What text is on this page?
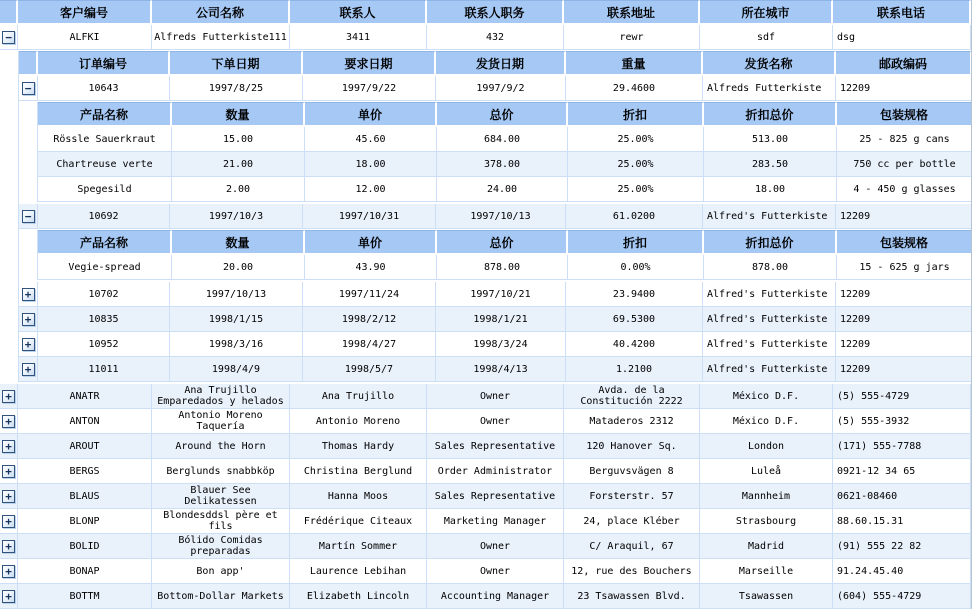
客户编号	公司名称	联系人	联系人职务	联系地址	所在城市	联系电话
−	ALFKI	Alfreds Futterkiste111	3411	432	rewr	sdf	dsg
订单编号	下单日期	要求日期	发货日期	重量	发货名称	邮政编码
−	10643	1997/8/25	1997/9/22	1997/9/2	29.4600	Alfreds Futterkiste	12209
产品名称	数量	单价	总价	折扣	折扣总价	包装规格
Rössle Sauerkraut	15.00	45.60	684.00	25.00%	513.00	25 - 825 g cans
Chartreuse verte	21.00	18.00	378.00	25.00%	283.50	750 cc per bottle
Spegesild	2.00	12.00	24.00	25.00%	18.00	4 - 450 g glasses
−	10692	1997/10/3	1997/10/31	1997/10/13	61.0200	Alfred's Futterkiste	12209
产品名称	数量	单价	总价	折扣	折扣总价	包装规格
Vegie-spread	20.00	43.90	878.00	0.00%	878.00	15 - 625 g jars
+	10702	1997/10/13	1997/11/24	1997/10/21	23.9400	Alfred's Futterkiste	12209
+	10835	1998/1/15	1998/2/12	1998/1/21	69.5300	Alfred's Futterkiste	12209
+	10952	1998/3/16	1998/4/27	1998/3/24	40.4200	Alfred's Futterkiste	12209
+	11011	1998/4/9	1998/5/7	1998/4/13	1.2100	Alfred's Futterkiste	12209
+	ANATR	Ana Trujillo Emparedados y helados	Ana Trujillo	Owner	Avda. de la Constitución 2222	México D.F.	(5) 555-4729
+	ANTON	Antonio Moreno Taquería	Antonio Moreno	Owner	Mataderos 2312	México D.F.	(5) 555-3932
+	AROUT	Around the Horn	Thomas Hardy	Sales Representative	120 Hanover Sq.	London	(171) 555-7788
+	BERGS	Berglunds snabbköp	Christina Berglund	Order Administrator	Berguvsvägen 8	Luleå	0921-12 34 65
+	BLAUS	Blauer See Delikatessen	Hanna Moos	Sales Representative	Forsterstr. 57	Mannheim	0621-08460
+	BLONP	Blondesddsl père et fils	Frédérique Citeaux	Marketing Manager	24, place Kléber	Strasbourg	88.60.15.31
+	BOLID	Bólido Comidas preparadas	Martín Sommer	Owner	C/ Araquil, 67	Madrid	(91) 555 22 82
+	BONAP	Bon app'	Laurence Lebihan	Owner	12, rue des Bouchers	Marseille	91.24.45.40
+	BOTTM	Bottom-Dollar Markets	Elizabeth Lincoln	Accounting Manager	23 Tsawassen Blvd.	Tsawassen	(604) 555-4729
